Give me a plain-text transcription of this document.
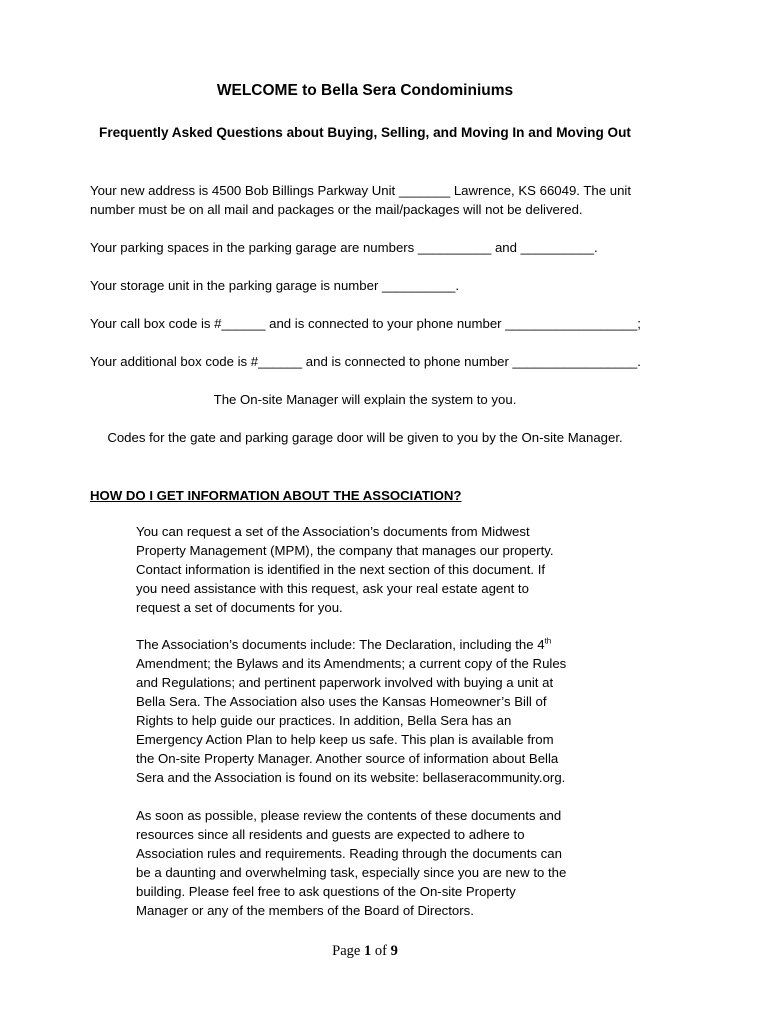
WELCOME to Bella Sera Condominiums
Frequently Asked Questions about Buying, Selling, and Moving In and Moving Out
Your new address is 4500 Bob Billings Parkway Unit _______ Lawrence, KS 66049. The unit
number must be on all mail and packages or the mail/packages will not be delivered.
Your parking spaces in the parking garage are numbers __________ and __________.
Your storage unit in the parking garage is number __________.
Your call box code is #______ and is connected to your phone number __________________;
Your additional box code is #______ and is connected to phone number _________________.
The On-site Manager will explain the system to you.
Codes for the gate and parking garage door will be given to you by the On-site Manager.
HOW DO I GET INFORMATION ABOUT THE ASSOCIATION?
You can request a set of the Association’s documents from Midwest
Property Management (MPM), the company that manages our property.
Contact information is identified in the next section of this document. If
you need assistance with this request, ask your real estate agent to
request a set of documents for you.
The Association’s documents include: The Declaration, including the 4th
Amendment; the Bylaws and its Amendments; a current copy of the Rules
and Regulations; and pertinent paperwork involved with buying a unit at
Bella Sera. The Association also uses the Kansas Homeowner’s Bill of
Rights to help guide our practices. In addition, Bella Sera has an
Emergency Action Plan to help keep us safe. This plan is available from
the On-site Property Manager. Another source of information about Bella
Sera and the Association is found on its website: bellaseracommunity.org.
As soon as possible, please review the contents of these documents and
resources since all residents and guests are expected to adhere to
Association rules and requirements. Reading through the documents can
be a daunting and overwhelming task, especially since you are new to the
building. Please feel free to ask questions of the On-site Property
Manager or any of the members of the Board of Directors.
Page 1 of 9
